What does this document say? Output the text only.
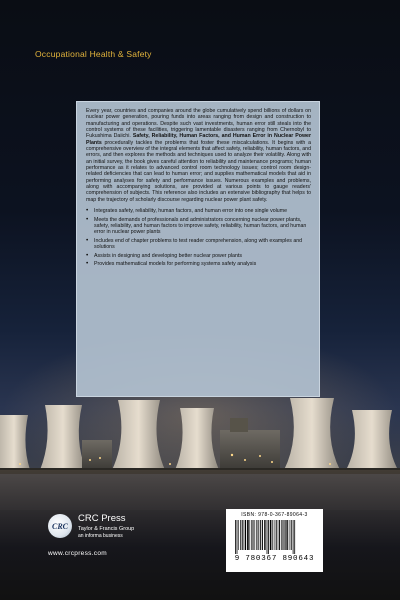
Occupational Health & Safety

Every year, countries and companies around the globe cumulatively spend billions of dollars on nuclear power generation, pouring funds into areas ranging from design and construction to manufacturing and operations. Despite such vast investments, human error still steals into the control systems of these facilities, triggering lamentable disasters ranging from Chernobyl to Fukushima Daiichi. Safety, Reliability, Human Factors, and Human Error in Nuclear Power Plants procedurally tackles the problems that foster these miscalculations. It begins with a comprehensive overview of the integral elements that affect safety, reliability, human factors, and errors, and then explores the methods and techniques used to analyze their volatility. Along with an initial survey, the book gives careful attention to reliability and maintenance programs; human performance as it relates to advanced control room technology issues; control room design-related deficiencies that can lead to human error; and supplies mathematical models that aid in performing analyses for safety and performance issues. Numerous examples and problems, along with accompanying solutions, are provided at various points to gauge readers' comprehension of subjects. This reference also includes an extensive bibliography that helps to map the trajectory of scholarly discourse regarding nuclear power plant safety.

• Integrates safety, reliability, human factors, and human error into one single volume
• Meets the demands of professionals and administrators concerning nuclear power plants, safety, reliability, and human factors to improve safety, reliability, human factors, and human error in nuclear power plants
• Includes end of chapter problems to test reader comprehension, along with examples and solutions
• Assists in designing and developing better nuclear power plants
• Provides mathematical models for performing systems safety analysis
CRC
CRC Press
Taylor & Francis Group
an informa business
www.crcpress.com
ISBN: 978-0-367-89064-3
9 780367 890643
